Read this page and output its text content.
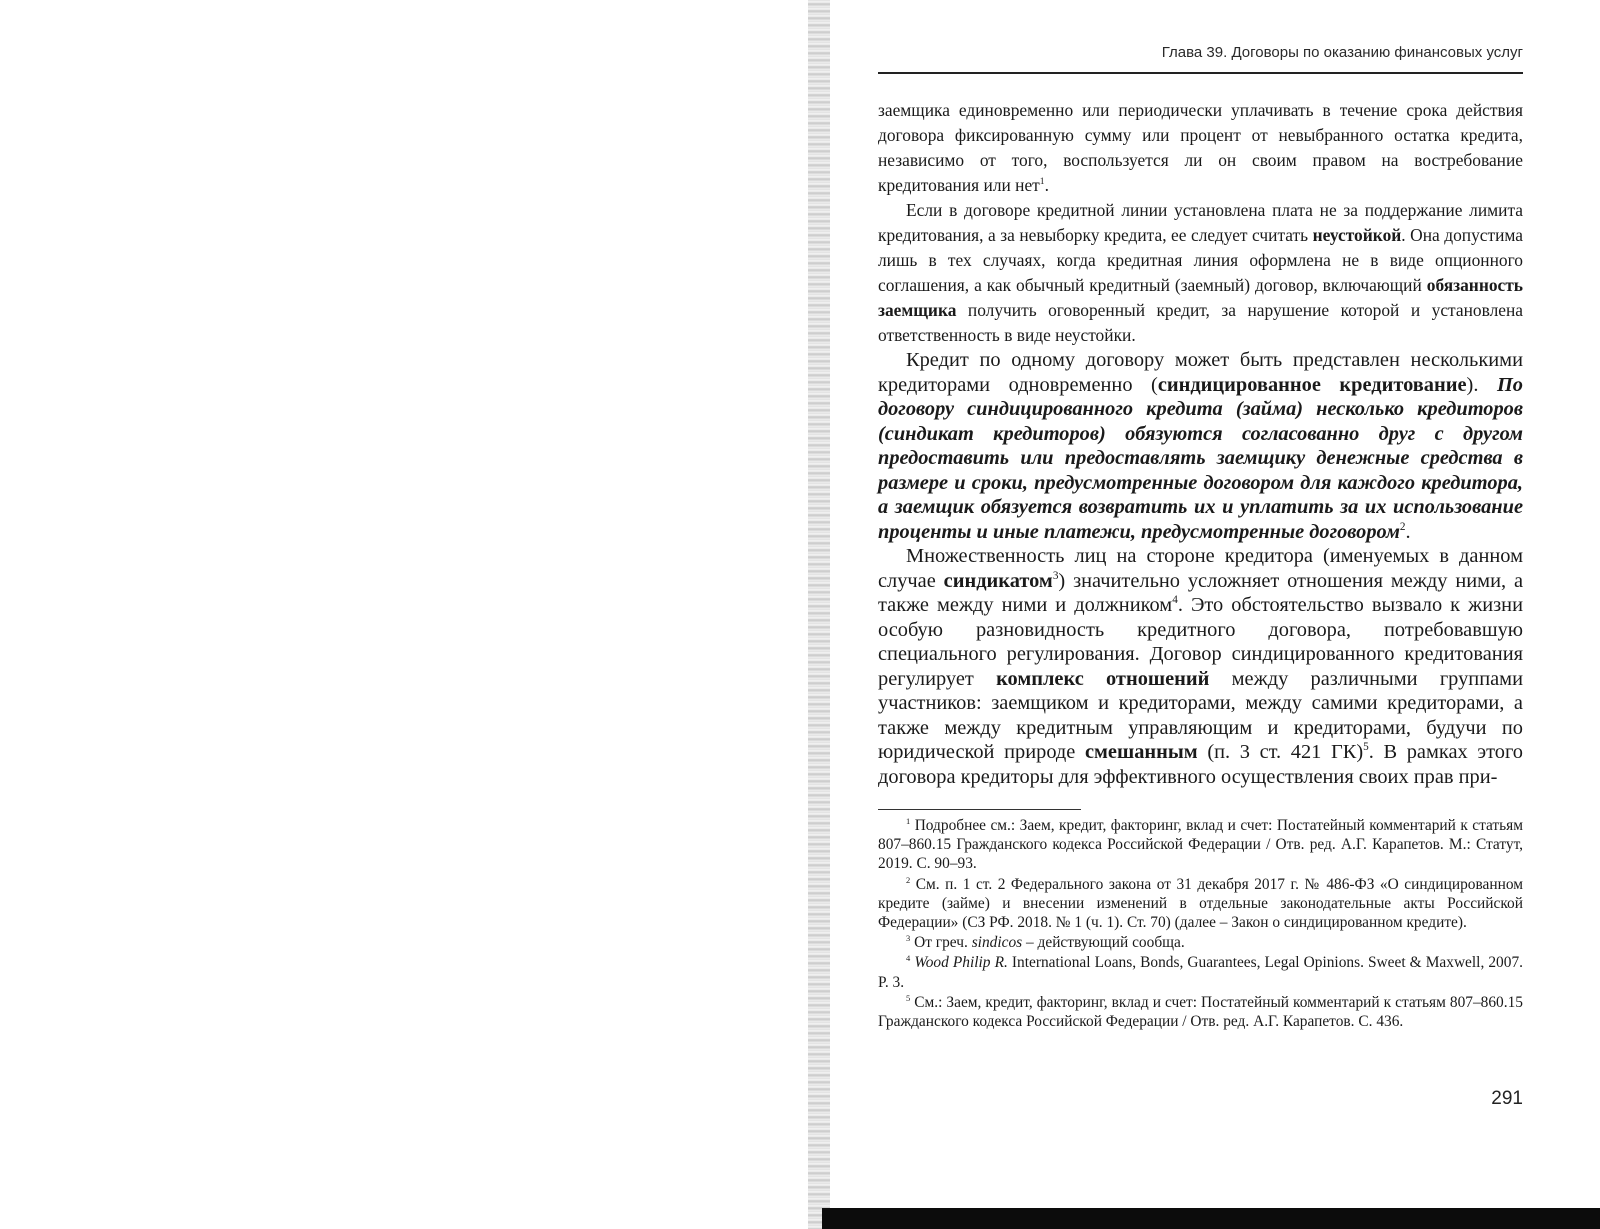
Глава 39. Договоры по оказанию финансовых услуг

заемщика единовременно или периодически уплачивать в течение срока действия договора фиксированную сумму или процент от невыбранного остатка кредита, независимо от того, воспользуется ли он своим правом на востребование кредитования или нет$^1$.

Если в договоре кредитной линии установлена плата не за поддержание лимита кредитования, а за невыборку кредита, ее следует считать неустойкой. Она допустима лишь в тех случаях, когда кредитная линия оформлена не в виде опционного соглашения, а как обычный кредитный (заемный) договор, включающий обязанность заемщика получить оговоренный кредит, за нарушение которой и установлена ответственность в виде неустойки.

Кредит по одному договору может быть представлен несколькими кредиторами одновременно (синдицированное кредитование). По договору синдицированного кредита (займа) несколько кредиторов (синдикат кредиторов) обязуются согласованно друг с другом предоставить или предоставлять заемщику денежные средства в размере и сроки, предусмотренные договором для каждого кредитора, а заемщик обязуется возвратить их и уплатить за их использование проценты и иные платежи, предусмотренные договором$^2$.

Множественность лиц на стороне кредитора (именуемых в данном случае синдикатом$^3$) значительно усложняет отношения между ними, а также между ними и должником$^4$. Это обстоятельство вызвало к жизни особую разновидность кредитного договора, потребовавшую специального регулирования. Договор синдицированного кредитования регулирует комплекс отношений между различными группами участников: заемщиком и кредиторами, между самими кредиторами, а также между кредитным управляющим и кредиторами, будучи по юридической природе смешанным (п. 3 ст. 421 ГК)$^5$. В рамках этого договора кредиторы для эффективного осуществления своих прав при-

$^1$ Подробнее см.: Заем, кредит, факторинг, вклад и счет: Постатейный комментарий к статьям 807–860.15 Гражданского кодекса Российской Федерации / Отв. ред. А.Г. Карапетов. М.: Статут, 2019. С. 90–93.

$^2$ См. п. 1 ст. 2 Федерального закона от 31 декабря 2017 г. № 486-ФЗ «О синдицированном кредите (займе) и внесении изменений в отдельные законодательные акты Российской Федерации» (СЗ РФ. 2018. № 1 (ч. 1). Ст. 70) (далее – Закон о синдицированном кредите).

$^3$ От греч. sindicos – действующий сообща.

$^4$ Wood Philip R. International Loans, Bonds, Guarantees, Legal Opinions. Sweet & Maxwell, 2007. P. 3.

$^5$ См.: Заем, кредит, факторинг, вклад и счет: Постатейный комментарий к статьям 807–860.15 Гражданского кодекса Российской Федерации / Отв. ред. А.Г. Карапетов. С. 436.

291
